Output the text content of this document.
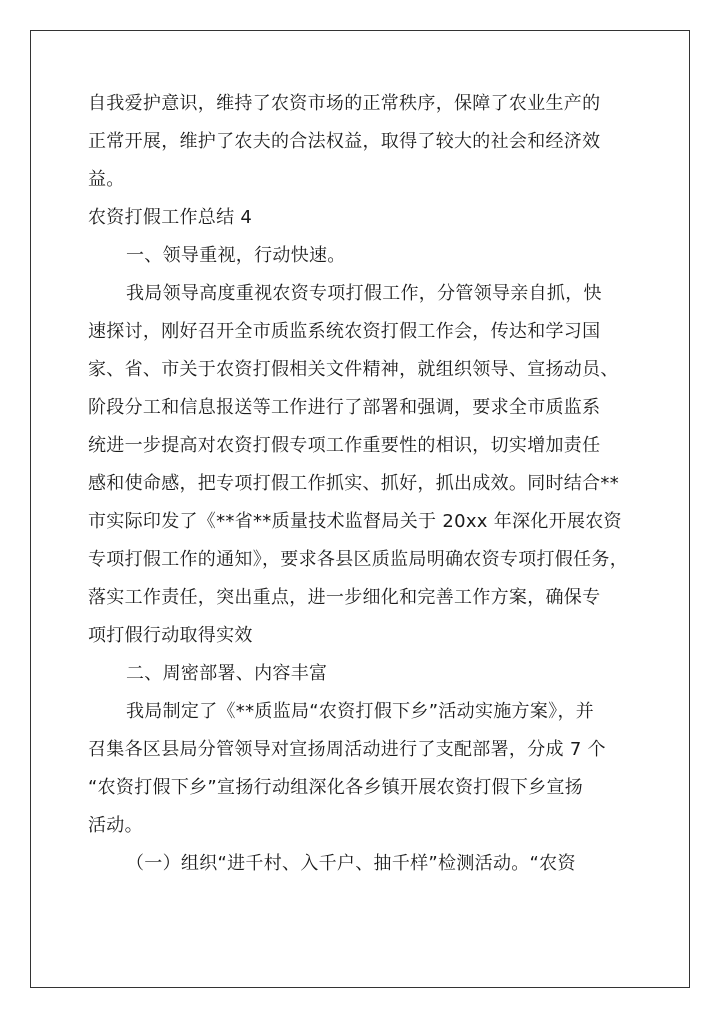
自我爱护意识，维持了农资市场的正常秩序，保障了农业生产的
正常开展，维护了农夫的合法权益，取得了较大的社会和经济效
益。
农资打假工作总结 4
一、领导重视，行动快速。
我局领导高度重视农资专项打假工作，分管领导亲自抓，快
速探讨，刚好召开全市质监系统农资打假工作会，传达和学习国
家、省、市关于农资打假相关文件精神，就组织领导、宣扬动员、
阶段分工和信息报送等工作进行了部署和强调，要求全市质监系
统进一步提高对农资打假专项工作重要性的相识，切实增加责任
感和使命感，把专项打假工作抓实、抓好，抓出成效。同时结合**
市实际印发了《**省**质量技术监督局关于 20xx 年深化开展农资
专项打假工作的通知》，要求各县区质监局明确农资专项打假任务，
落实工作责任，突出重点，进一步细化和完善工作方案，确保专
项打假行动取得实效
二、周密部署、内容丰富
我局制定了《**质监局“农资打假下乡”活动实施方案》，并
召集各区县局分管领导对宣扬周活动进行了支配部署，分成 7 个
“农资打假下乡”宣扬行动组深化各乡镇开展农资打假下乡宣扬
活动。
（一）组织“进千村、入千户、抽千样”检测活动。“农资
